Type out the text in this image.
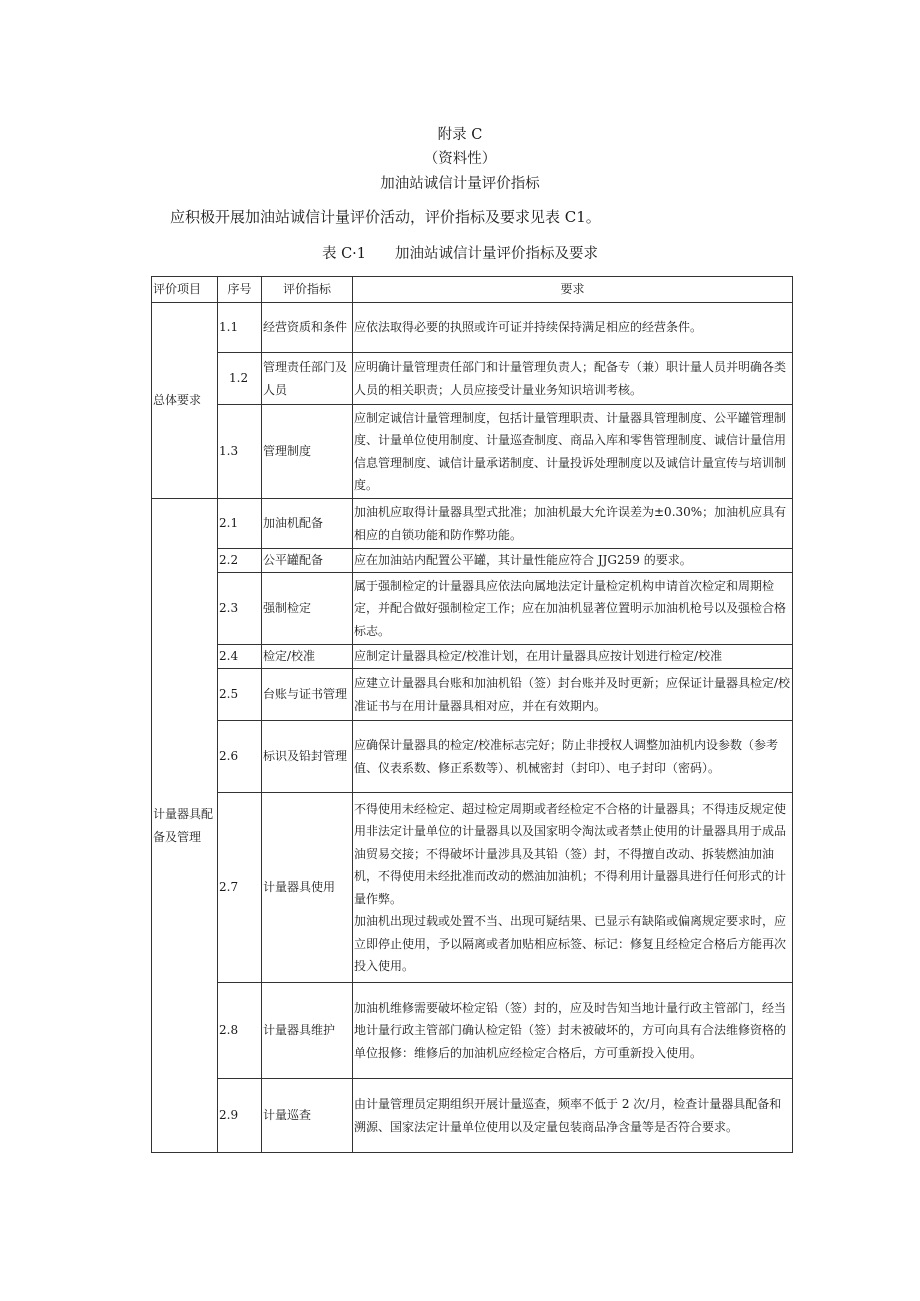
附录 C
（资料性）
加油站诚信计量评价指标
应积极开展加油站诚信计量评价活动，评价指标及要求见表 C1。
表 C·1　　加油站诚信计量评价指标及要求
评价项目	序号	评价指标	要求
总体要求	1.1	经营资质和条件	应依法取得必要的执照或许可证并持续保持满足相应的经营条件。
	1.2	管理责任部门及人员	应明确计量管理责任部门和计量管理负责人；配备专（兼）职计量人员并明确各类人员的相关职责；人员应接受计量业务知识培训考核。
	1.3	管理制度	应制定诚信计量管理制度，包括计量管理职责、计量器具管理制度、公平罐管理制度、计量单位使用制度、计量巡查制度、商品入库和零售管理制度、诚信计量信用信息管理制度、诚信计量承诺制度、计量投诉处理制度以及诚信计量宣传与培训制度。
计量器具配备及管理	2.1	加油机配备	加油机应取得计量器具型式批准；加油机最大允许误差为±0.30%；加油机应具有相应的自锁功能和防作弊功能。
	2.2	公平罐配备	应在加油站内配置公平罐，其计量性能应符合 JJG259 的要求。
	2.3	强制检定	属于强制检定的计量器具应依法向属地法定计量检定机构申请首次检定和周期检定，并配合做好强制检定工作；应在加油机显著位置明示加油机枪号以及强检合格标志。
	2.4	检定/校准	应制定计量器具检定/校准计划，在用计量器具应按计划进行检定/校准
	2.5	台账与证书管理	应建立计量器具台账和加油机铅（签）封台账并及时更新；应保证计量器具检定/校准证书与在用计量器具相对应，并在有效期内。
	2.6	标识及铅封管理	应确保计量器具的检定/校准标志完好；防止非授权人调整加油机内设参数（参考值、仪表系数、修正系数等）、机械密封（封印）、电子封印（密码）。
	2.7	计量器具使用	不得使用未经检定、超过检定周期或者经检定不合格的计量器具；不得违反规定使用非法定计量单位的计量器具以及国家明令淘汰或者禁止使用的计量器具用于成品油贸易交接；不得破坏计量涉具及其铅（签）封，不得擅自改动、拆装燃油加油机，不得使用未经批准而改动的燃油加油机；不得利用计量器具进行任何形式的计量作弊。
加油机出现过载或处置不当、出现可疑结果、已显示有缺陷或偏离规定要求时，应立即停止使用，予以隔离或者加贴相应标签、标记：修复且经检定合格后方能再次投入使用。

	2.8	计量器具维护	加油机维修需要破坏检定铅（签）封的，应及时告知当地计量行政主管部门，经当地计量行政主管部门确认检定铅（签）封未被破坏的，方可向具有合法维修资格的单位报修：维修后的加油机应经检定合格后，方可重新投入使用。
	2.9	计量巡查	由计量管理员定期组织开展计量巡查，频率不低于 2 次/月，检查计量器具配备和溯源、国家法定计量单位使用以及定量包装商品净含量等是否符合要求。
